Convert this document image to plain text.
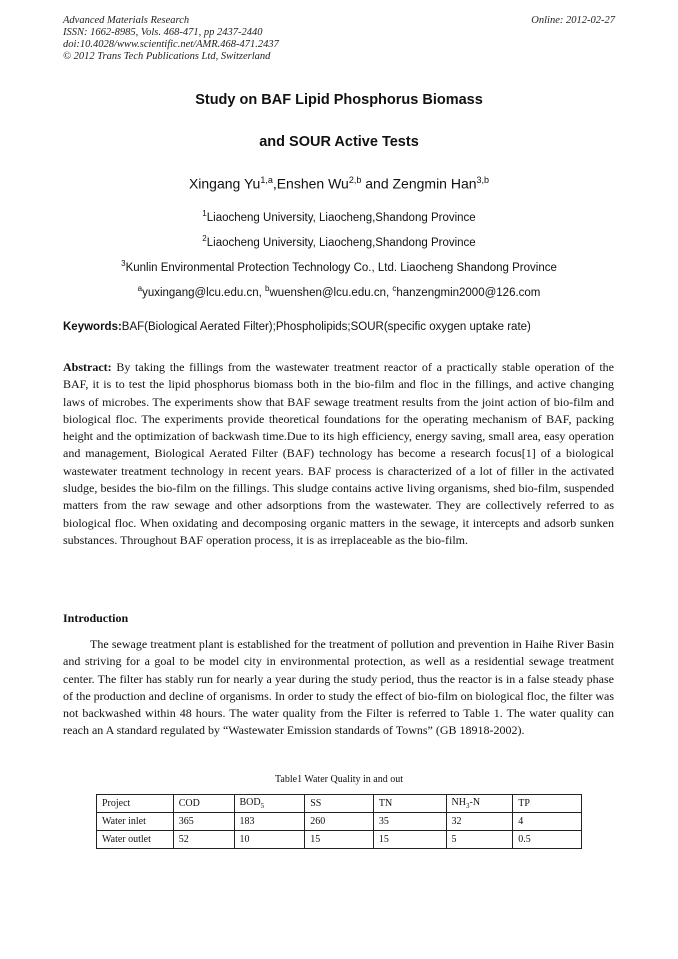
Advanced Materials Research
ISSN: 1662-8985, Vols. 468-471, pp 2437-2440
doi:10.4028/www.scientific.net/AMR.468-471.2437
© 2012 Trans Tech Publications Ltd, Switzerland
Online: 2012-02-27
Study on BAF Lipid Phosphorus Biomass
and SOUR Active Tests
Xingang Yu$^{1,a}$,Enshen Wu$^{2,b}$ and Zengmin Han$^{3,b}$
$^1$Liaocheng University, Liaocheng,Shandong Province
$^2$Liaocheng University, Liaocheng,Shandong Province
$^3$Kunlin Environmental Protection Technology Co., Ltd. Liaocheng Shandong Province
$^a$yuxingang@lcu.edu.cn, $^b$wuenshen@lcu.edu.cn, $^c$hanzengmin2000@126.com
Keywords:BAF(Biological Aerated Filter);Phospholipids;SOUR(specific oxygen uptake rate)

Abstract: By taking the fillings from the wastewater treatment reactor of a practically stable operation of the BAF, it is to test the lipid phosphorus biomass both in the bio-film and floc in the fillings, and active changing laws of microbes. The experiments show that BAF sewage treatment results from the joint action of bio-film and biological floc. The experiments provide theoretical foundations for the operating mechanism of BAF, packing height and the optimization of backwash time.Due to its high efficiency, energy saving, small area, easy operation and management, Biological Aerated Filter (BAF) technology has become a research focus[1] of a biological wastewater treatment technology in recent years. BAF process is characterized of a lot of filler in the activated sludge, besides the bio-film on the fillings. This sludge contains active living organisms, shed bio-film, suspended matters from the raw sewage and other adsorptions from the wastewater. They are collectively referred to as biological floc. When oxidating and decomposing organic matters in the sewage, it intercepts and adsorb sunken substances. Throughout BAF operation process, it is as irreplaceable as the bio-film.

Introduction

The sewage treatment plant is established for the treatment of pollution and prevention in Haihe River Basin and striving for a goal to be model city in environmental protection, as well as a residential sewage treatment center. The filter has stably run for nearly a year during the study period, thus the reactor is in a false steady phase of the production and decline of organisms. In order to study the effect of bio-film on biological floc, the filter was not backwashed within 48 hours. The water quality from the Filter is referred to Table 1. The water quality can reach an A standard regulated by “Wastewater Emission standards of Towns” (GB 18918-2002).

Table1 Water Quality in and out
Project	COD	$BOD_5$	SS	TN	$NH_3-N$	TP
Water inlet	365	183	260	35	32	4
Water outlet	52	10	15	15	5	0.5
